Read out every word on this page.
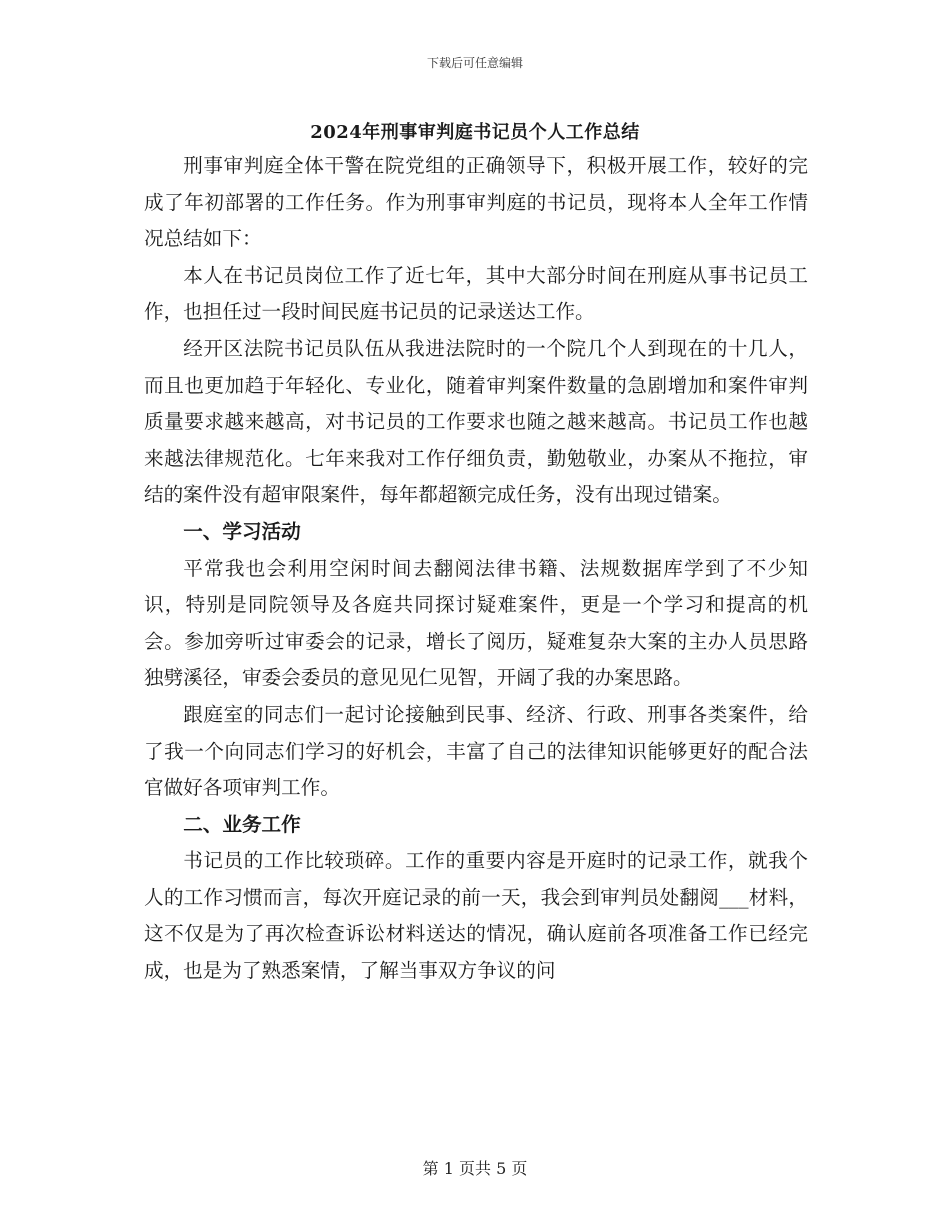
下载后可任意编辑
2024年刑事审判庭书记员个人工作总结

刑事审判庭全体干警在院党组的正确领导下，积极开展工作，较好的完成了年初部署的工作任务。作为刑事审判庭的书记员，现将本人全年工作情况总结如下：

本人在书记员岗位工作了近七年，其中大部分时间在刑庭从事书记员工作，也担任过一段时间民庭书记员的记录送达工作。

经开区法院书记员队伍从我进法院时的一个院几个人到现在的十几人，而且也更加趋于年轻化、专业化，随着审判案件数量的急剧增加和案件审判质量要求越来越高，对书记员的工作要求也随之越来越高。书记员工作也越来越法律规范化。七年来我对工作仔细负责，勤勉敬业，办案从不拖拉，审结的案件没有超审限案件，每年都超额完成任务，没有出现过错案。

一、学习活动

平常我也会利用空闲时间去翻阅法律书籍、法规数据库学到了不少知识，特别是同院领导及各庭共同探讨疑难案件，更是一个学习和提高的机会。参加旁听过审委会的记录，增长了阅历，疑难复杂大案的主办人员思路独劈溪径，审委会委员的意见见仁见智，开阔了我的办案思路。

跟庭室的同志们一起讨论接触到民事、经济、行政、刑事各类案件，给了我一个向同志们学习的好机会，丰富了自己的法律知识能够更好的配合法官做好各项审判工作。

二、业务工作

书记员的工作比较琐碎。工作的重要内容是开庭时的记录工作，就我个人的工作习惯而言，每次开庭记录的前一天，我会到审判员处翻阅___材料，这不仅是为了再次检查诉讼材料送达的情况，确认庭前各项准备工作已经完成，也是为了熟悉案情，了解当事双方争议的问

第 1 页共 5 页
